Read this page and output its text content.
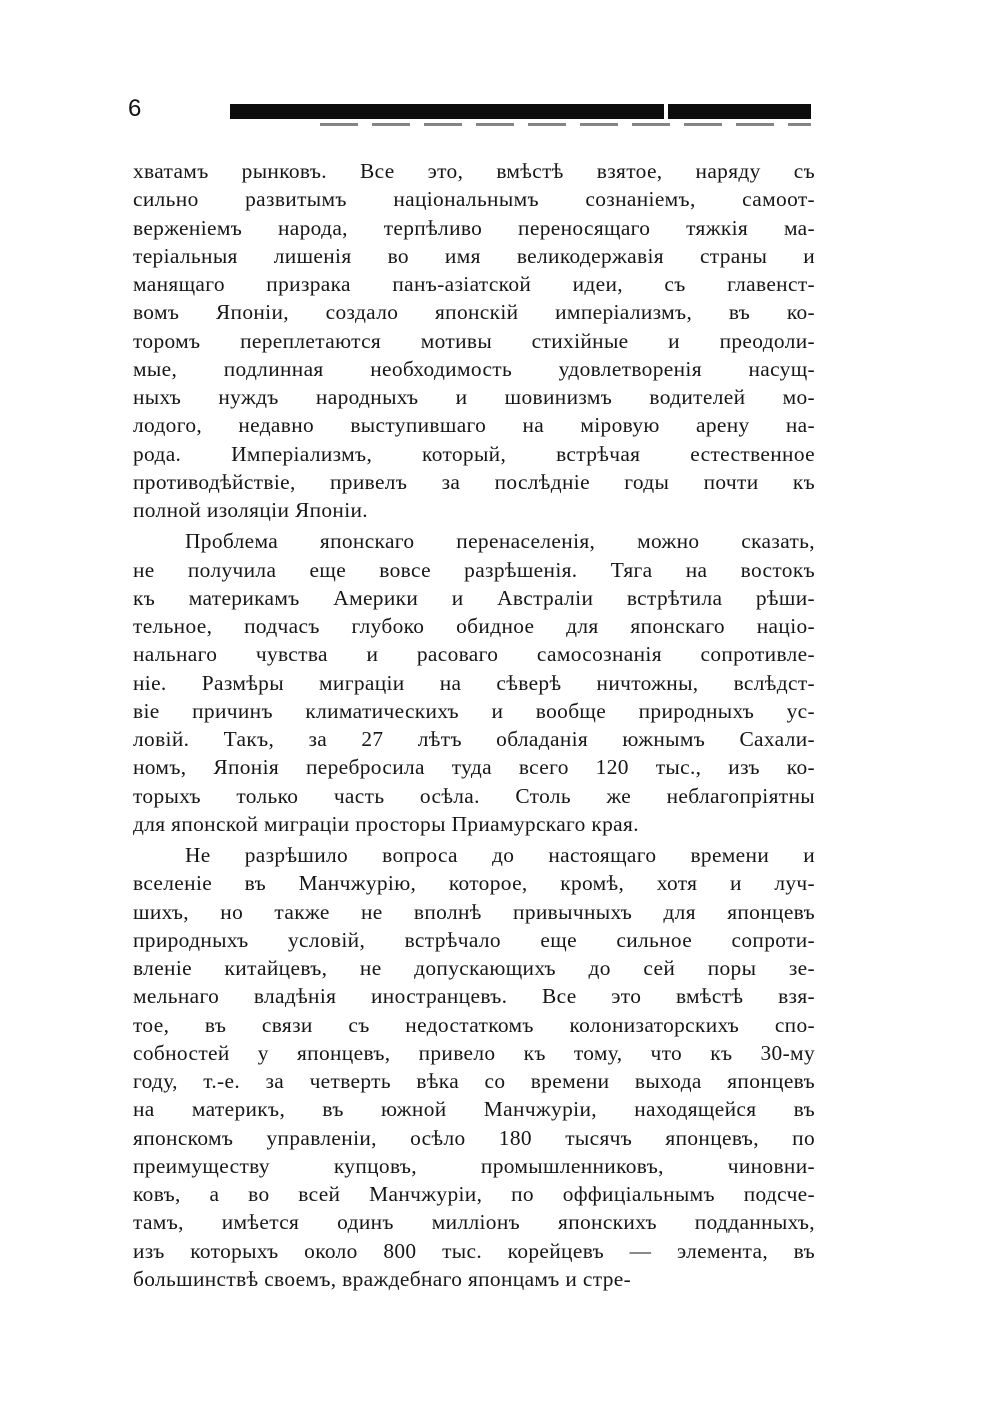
6
хватамъ рынковъ. Все это, вмѣстѣ взятое, наряду съ
сильно развитымъ національнымъ сознаніемъ, самоот-
верженіемъ народа, терпѣливо переносящаго тяжкія ма-
теріальныя лишенія во имя великодержавія страны и
манящаго призрака панъ-азіатской идеи, съ главенст-
вомъ Японіи, создало японскій имперіализмъ, въ ко-
торомъ переплетаются мотивы стихійные и преодоли-
мые, подлинная необходимость удовлетворенія насущ-
ныхъ нуждъ народныхъ и шовинизмъ водителей мо-
лодого, недавно выступившаго на міровую арену на-
рода. Имперіализмъ, который, встрѣчая естественное
противодѣйствіе, привелъ за послѣдніе годы почти къ
полной изоляціи Японіи.
Проблема японскаго перенаселенія, можно сказать,
не получила еще вовсе разрѣшенія. Тяга на востокъ
къ материкамъ Америки и Австраліи встрѣтила рѣши-
тельное, подчасъ глубоко обидное для японскаго націо-
нальнаго чувства и расоваго самосознанія сопротивле-
ніе. Размѣры миграціи на сѣверѣ ничтожны, вслѣдст-
віе причинъ климатическихъ и вообще природныхъ ус-
ловій. Такъ, за 27 лѣтъ обладанія южнымъ Сахали-
номъ, Японія перебросила туда всего 120 тыс., изъ ко-
торыхъ только часть осѣла. Столь же неблагопріятны
для японской миграціи просторы Приамурскаго края.
Не разрѣшило вопроса до настоящаго времени и
вселеніе въ Манчжурію, которое, кромѣ, хотя и луч-
шихъ, но также не вполнѣ привычныхъ для японцевъ
природныхъ условій, встрѣчало еще сильное сопроти-
вленіе китайцевъ, не допускающихъ до сей поры зе-
мельнаго владѣнія иностранцевъ. Все это вмѣстѣ взя-
тое, въ связи съ недостаткомъ колонизаторскихъ спо-
собностей у японцевъ, привело къ тому, что къ 30-му
году, т.-е. за четверть вѣка со времени выхода японцевъ
на материкъ, въ южной Манчжуріи, находящейся въ
японскомъ управленіи, осѣло 180 тысячъ японцевъ, по
преимуществу купцовъ, промышленниковъ, чиновни-
ковъ, а во всей Манчжуріи, по оффиціальнымъ подсче-
тамъ, имѣется одинъ милліонъ японскихъ подданныхъ,
изъ которыхъ около 800 тыс. корейцевъ — элемента, въ
большинствѣ своемъ, враждебнаго японцамъ и стре-
